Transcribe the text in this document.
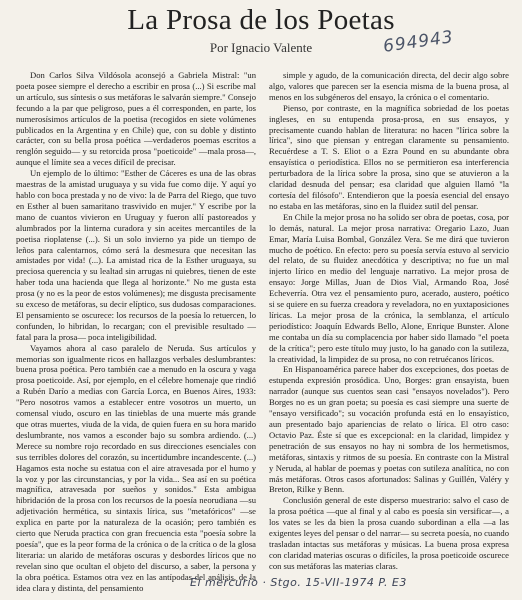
La Prosa de los Poetas
Por Ignacio Valente	694943

Don Carlos Silva Vildósola aconsejó a Gabriela Mistral: "un poeta posee siempre el derecho a escribir en prosa (...) Si escribe mal un artículo, sus síntesis o sus metáforas le salvarán siempre." Consejo fecundo a la par que peligroso, pues a él corresponden, en parte, los numerosísimos artículos de la poetisa (recogidos en siete volúmenes publicados en la Argentina y en Chile) que, con su doble y distinto carácter, con su bella prosa poética —verdaderos poemas escritos a renglón seguido— y su retorcida prosa "poeticoide" —mala prosa—, aunque el límite sea a veces difícil de precisar.

Un ejemplo de lo último: "Esther de Cáceres es una de las obras maestras de la amistad uruguaya y su vida fue como dije. Y aquí yo hablo con boca prestada y no de vivo: la de Parra del Riego, que tuvo en Esther al buen samaritano trasvivido en mujer." Y escribe por la mano de cuantos vivieron en Uruguay y fueron allí pastoreados y alumbrados por la linterna curadora y sin aceites mercantiles de la poetisa rioplatense (...). Si un solo invierno ya pide un tiempo de leños para calentarnos, cómo será la desmesura que necesitan las amistades por vida! (...). La amistad rica de la Esther uruguaya, su preciosa querencia y su lealtad sin arrugas ni quiebres, tienen de este haber toda una hacienda que llega al horizonte." No me gusta esta prosa (y no es la peor de estos volúmenes); me disgusta precisamente su exceso de metáforas, su decir elíptico, sus dudosas comparaciones. El pensamiento se oscurece: los recursos de la poesía lo retuercen, lo confunden, lo hibridan, lo recargan; con el previsible resultado —fatal para la prosa— poca inteligibilidad.

Vayamos ahora al caso paralelo de Neruda. Sus artículos y memorias son igualmente ricos en hallazgos verbales deslumbrantes: buena prosa poética. Pero también cae a menudo en la oscura y vaga prosa poeticoide. Así, por ejemplo, en el célebre homenaje que rindió a Rubén Darío a medias con García Lorca, en Buenos Aires, 1933: "Pero nosotros vamos a establecer entre vosotros un muerto, un comensal viudo, oscuro en las tinieblas de una muerte más grande que otras muertes, viuda de la vida, de quien fuera en su hora marido deslumbrante, nos vamos a esconder bajo su sombra ardiendo. (...) Merece su nombre rojo recordado en sus direcciones esenciales con sus terribles dolores del corazón, su incertidumbre incandescente. (...) Hagamos esta noche su estatua con el aire atravesada por el humo y la voz y por las circunstancias, y por la vida... Sea así en su poética magnífica, atravesada por sueños y sonidos." Esta ambigua hibridación de la prosa con los recursos de la poesía neorudiana —su adjetivación hermética, su sintaxis lírica, sus "metafóricos" —se explica en parte por la naturaleza de la ocasión; pero también es cierto que Neruda practica con gran frecuencia esta "poesía sobre la poesía", que es la peor forma de la crónica o de la crítica o de la glosa literaria: un alarido de metáforas oscuras y desbordes líricos que no revelan sino que ocultan el objeto del discurso, a saber, la persona y la obra poética. Estamos otra vez en las antípodas del análisis, de la idea clara y distinta, del pensamiento

simple y agudo, de la comunicación directa, del decir algo sobre algo, valores que parecen ser la esencia misma de la buena prosa, al menos en los subgéneros del ensayo, la crónica o el comentario.

Pienso, por contraste, en la magnífica sobriedad de los poetas ingleses, en su entupenda prosa-prosa, en sus ensayos, y precisamente cuando hablan de literatura: no hacen "lírica sobre la lírica", sino que piensan y entregan claramente su pensamiento. Recuérdese a T. S. Eliot o a Ezra Pound en su abundante obra ensayística o periodística. Ellos no se permitieron esa interferencia perturbadora de la lírica sobre la prosa, sino que se atuvieron a la claridad desnuda del pensar; esa claridad que alguien llamó "la cortesía del filósofo". Entendieron que la poesía esencial del ensayo no estaba en las metáforas, sino en la fluidez sutil del pensar.

En Chile la mejor prosa no ha solido ser obra de poetas, cosa, por lo demás, natural. La mejor prosa narrativa: Oregario Lazo, Juan Emar, María Luisa Bombal, González Vera. Se me dirá que tuvieron mucho de poético. En efecto: pero su poesía servía estuvo al servicio del relato, de su fluidez anecdótica y descriptiva; no fue un mal injerto lírico en medio del lenguaje narrativo. La mejor prosa de ensayo: Jorge Millas, Juan de Dios Vial, Armando Roa, José Echeverría. Otra vez el pensamiento puro, acerado, austero, poético si se quiere en su fuerza creadora y reveladora, no en yuxtaposiciones líricas. La mejor prosa de la crónica, la semblanza, el artículo periodístico: Joaquín Edwards Bello, Alone, Enrique Bunster. Alone me contaba un día su complacencia por haber sido llamado "el poeta de la crítica"; pero este título muy justo, lo ha ganado con la sutileza, la creatividad, la limpidez de su prosa, no con retruécanos líricos.

En Hispanoamérica parece haber dos excepciones, dos poetas de estupenda expresión prosódica. Uno, Borges: gran ensayista, buen narrador (aunque sus cuentos sean casi "ensayos novelados"). Pero Borges no es un gran poeta; su poesía es casi siempre una suerte de "ensayo versificado"; su vocación profunda está en lo ensayístico, aun presentado bajo apariencias de relato o lírica. El otro caso: Octavio Paz. Éste sí que es excepcional: en la claridad, limpidez y penetración de sus ensayos no hay ni sombra de los hermetismos, metáforas, sintaxis y ritmos de su poesía. En contraste con la Mistral y Neruda, al hablar de poemas y poetas con sutileza analítica, no con más metáforas. Otros casos afortunados: Salinas y Guillén, Valéry y Breton, Rilke y Benn.

Conclusión general de este disperso muestrario: salvo el caso de la prosa poética —que al final y al cabo es poesía sin versificar—, a los vates se les da bien la prosa cuando subordinan a ella —a las exigentes leyes del pensar o del narrar— su secreta poesía, no cuando trasladan intactas sus metáforas y músicas. La buena prosa expresa con claridad materias oscuras o difíciles, la prosa poeticoide oscurece con sus metáforas las materias claras.

El mercurio · Stgo. 15-VII-1974 P. E3
